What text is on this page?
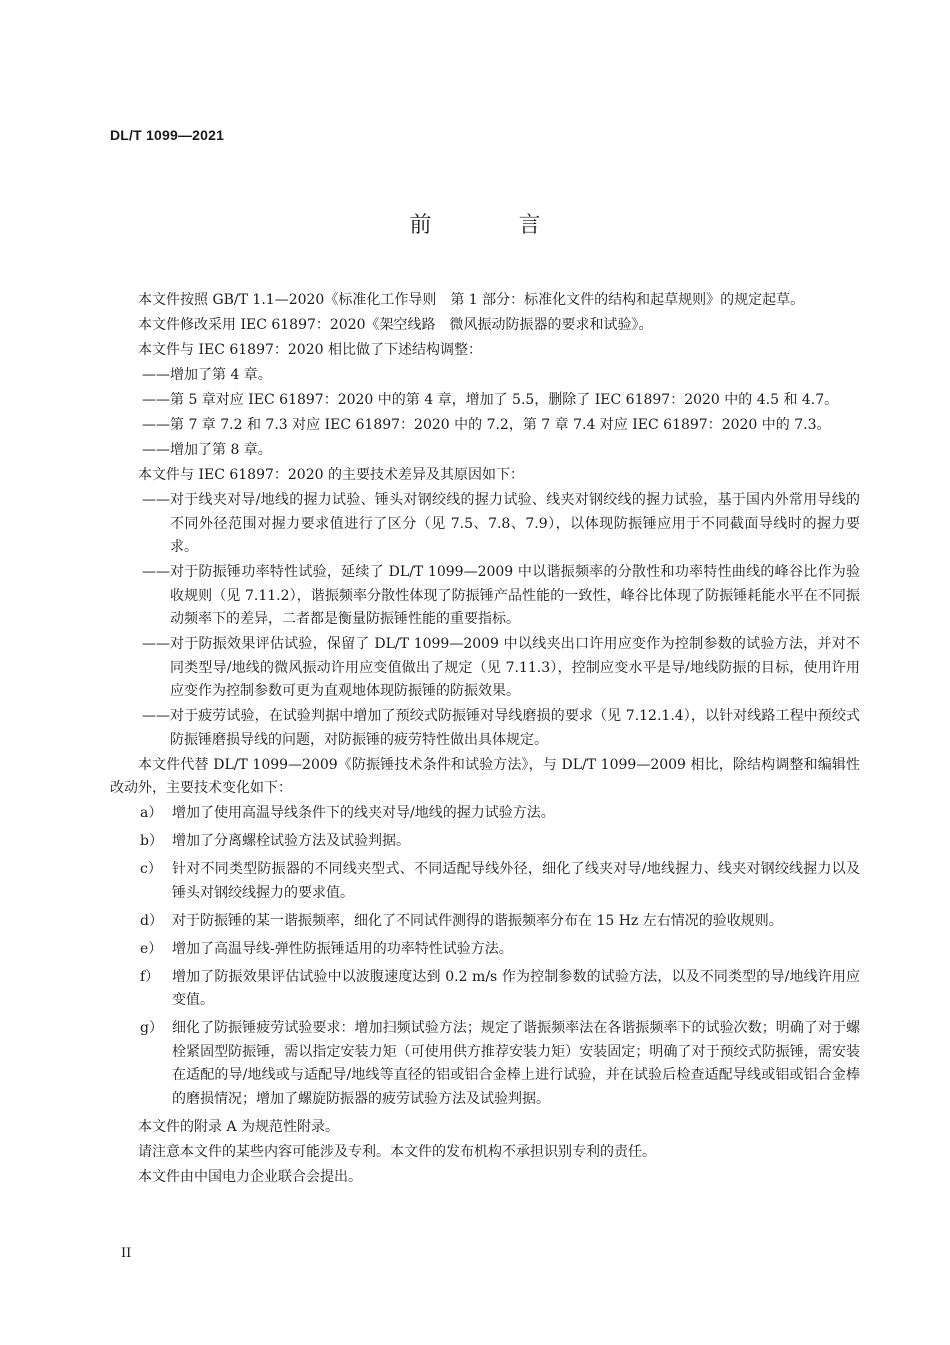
DL/T 1099—2021
前 言
本文件按照 GB/T 1.1—2020《标准化工作导则　第 1 部分：标准化文件的结构和起草规则》的规定起草。
本文件修改采用 IEC 61897：2020《架空线路　微风振动防振器的要求和试验》。
本文件与 IEC 61897：2020 相比做了下述结构调整：
—— 增加了第 4 章。
—— 第 5 章对应 IEC 61897：2020 中的第 4 章，增加了 5.5，删除了 IEC 61897：2020 中的 4.5 和 4.7。
—— 第 7 章 7.2 和 7.3 对应 IEC 61897：2020 中的 7.2，第 7 章 7.4 对应 IEC 61897：2020 中的 7.3。
—— 增加了第 8 章。
本文件与 IEC 61897：2020 的主要技术差异及其原因如下：
—— 对于线夹对导/地线的握力试验、锤头对钢绞线的握力试验、线夹对钢绞线的握力试验，基于国内外常用导线的不同外径范围对握力要求值进行了区分（见 7.5、7.8、7.9），以体现防振锤应用于不同截面导线时的握力要求。
—— 对于防振锤功率特性试验，延续了 DL/T 1099—2009 中以谐振频率的分散性和功率特性曲线的峰谷比作为验收规则（见 7.11.2），谐振频率分散性体现了防振锤产品性能的一致性，峰谷比体现了防振锤耗能水平在不同振动频率下的差异，二者都是衡量防振锤性能的重要指标。
—— 对于防振效果评估试验，保留了 DL/T 1099—2009 中以线夹出口许用应变作为控制参数的试验方法，并对不同类型导/地线的微风振动许用应变值做出了规定（见 7.11.3），控制应变水平是导/地线防振的目标，使用许用应变作为控制参数可更为直观地体现防振锤的防振效果。
—— 对于疲劳试验，在试验判据中增加了预绞式防振锤对导线磨损的要求（见 7.12.1.4），以针对线路工程中预绞式防振锤磨损导线的问题，对防振锤的疲劳特性做出具体规定。
本文件代替 DL/T 1099—2009《防振锤技术条件和试验方法》，与 DL/T 1099—2009 相比，除结构调整和编辑性改动外，主要技术变化如下：
a） 增加了使用高温导线条件下的线夹对导/地线的握力试验方法。
b） 增加了分离螺栓试验方法及试验判据。
c） 针对不同类型防振器的不同线夹型式、不同适配导线外径，细化了线夹对导/地线握力、线夹对钢绞线握力以及锤头对钢绞线握力的要求值。
d） 对于防振锤的某一谐振频率，细化了不同试件测得的谐振频率分布在 15 Hz 左右情况的验收规则。
e） 增加了高温导线-弹性防振锤适用的功率特性试验方法。
f） 增加了防振效果评估试验中以波腹速度达到 0.2 m/s 作为控制参数的试验方法，以及不同类型的导/地线许用应变值。
g） 细化了防振锤疲劳试验要求：增加扫频试验方法；规定了谐振频率法在各谐振频率下的试验次数；明确了对于螺栓紧固型防振锤，需以指定安装力矩（可使用供方推荐安装力矩）安装固定；明确了对于预绞式防振锤，需安装在适配的导/地线或与适配导/地线等直径的铝或铝合金棒上进行试验，并在试验后检查适配导线或铝或铝合金棒的磨损情况；增加了螺旋防振器的疲劳试验方法及试验判据。
本文件的附录 A 为规范性附录。
请注意本文件的某些内容可能涉及专利。本文件的发布机构不承担识别专利的责任。
本文件由中国电力企业联合会提出。
II
